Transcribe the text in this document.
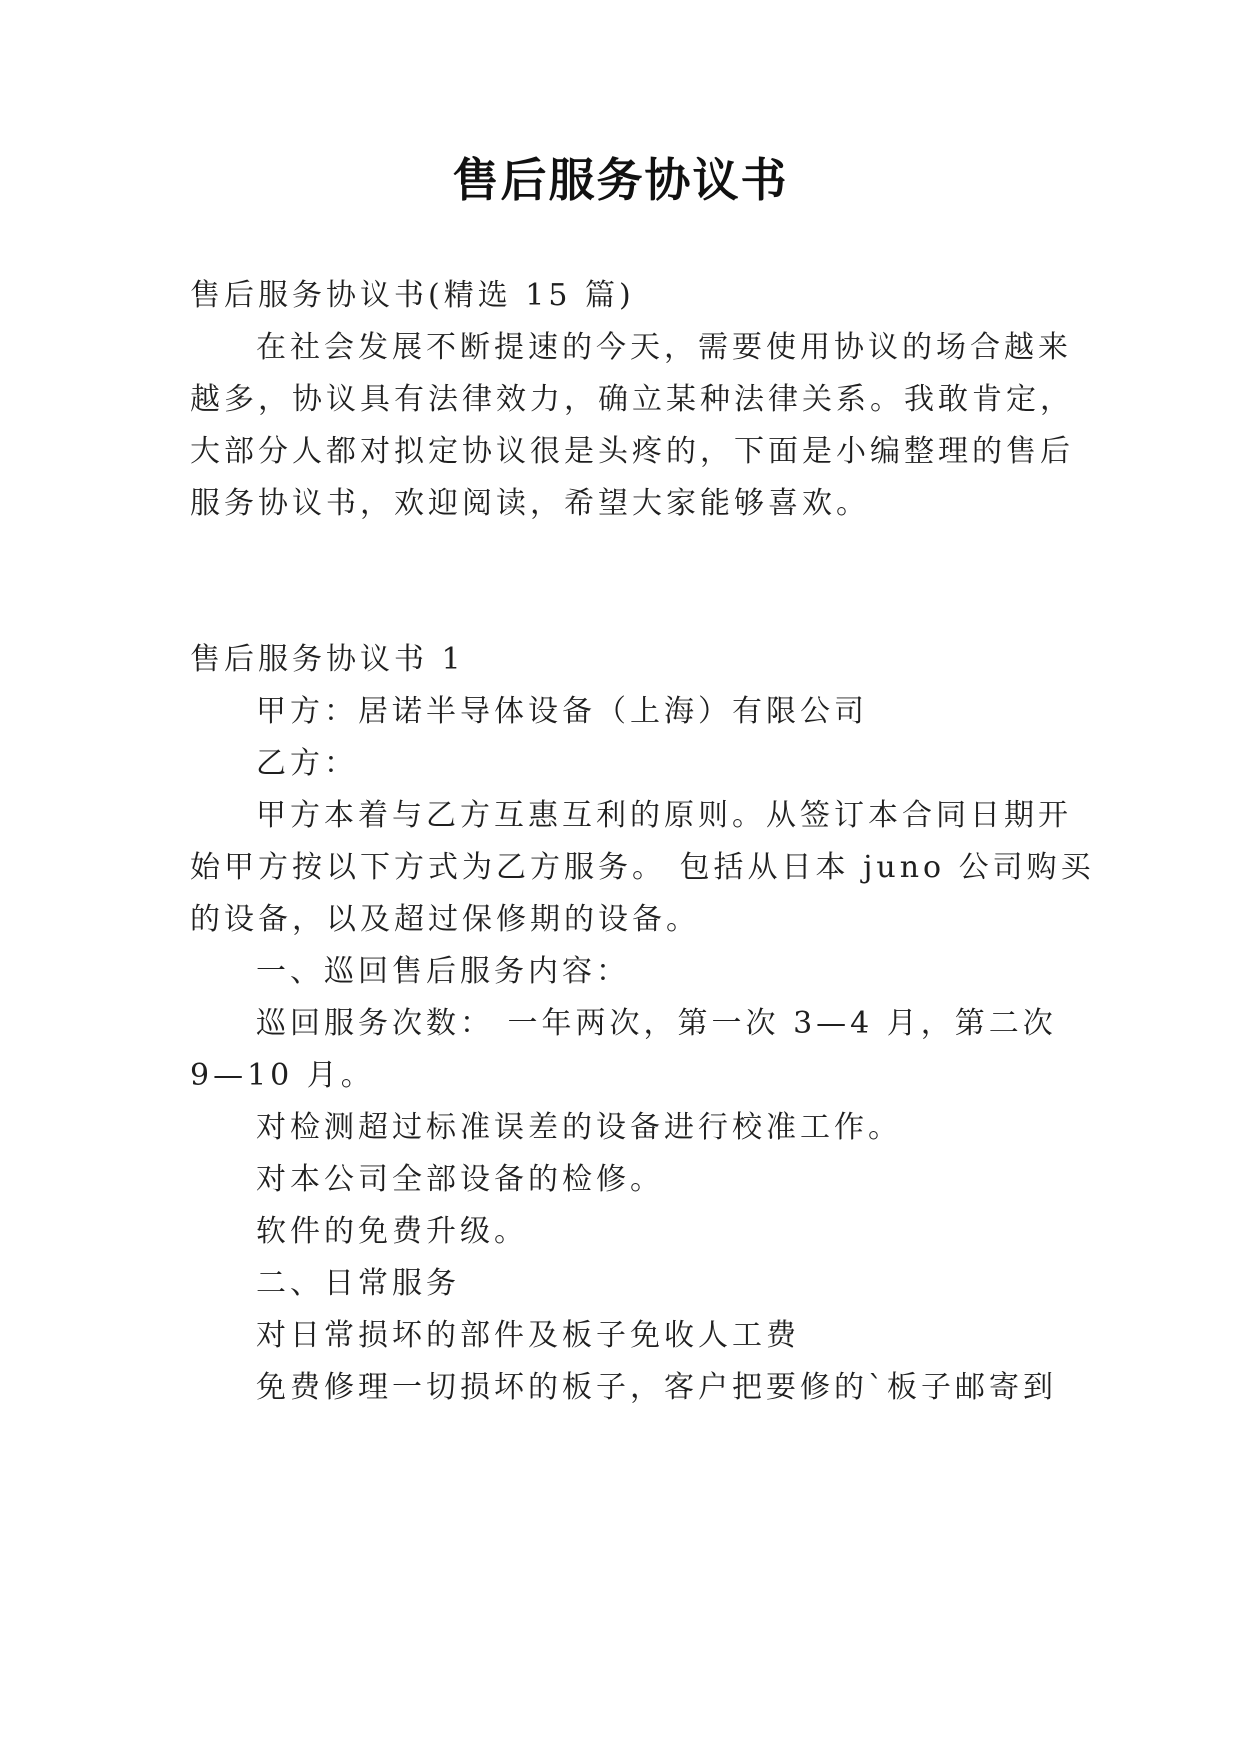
售后服务协议书
售后服务协议书(精选 15 篇)
在社会发展不断提速的今天，需要使用协议的场合越来
越多，协议具有法律效力，确立某种法律关系。我敢肯定，
大部分人都对拟定协议很是头疼的，下面是小编整理的售后
服务协议书，欢迎阅读，希望大家能够喜欢。
售后服务协议书 1
甲方：居诺半导体设备（上海）有限公司
乙方：
甲方本着与乙方互惠互利的原则。从签订本合同日期开
始甲方按以下方式为乙方服务。 包括从日本 juno 公司购买
的设备，以及超过保修期的设备。
一、巡回售后服务内容：
巡回服务次数： 一年两次，第一次 3—4 月，第二次
9—10 月。
对检测超过标准误差的设备进行校准工作。
对本公司全部设备的检修。
软件的免费升级。
二、日常服务
对日常损坏的部件及板子免收人工费
免费修理一切损坏的板子，客户把要修的`板子邮寄到
